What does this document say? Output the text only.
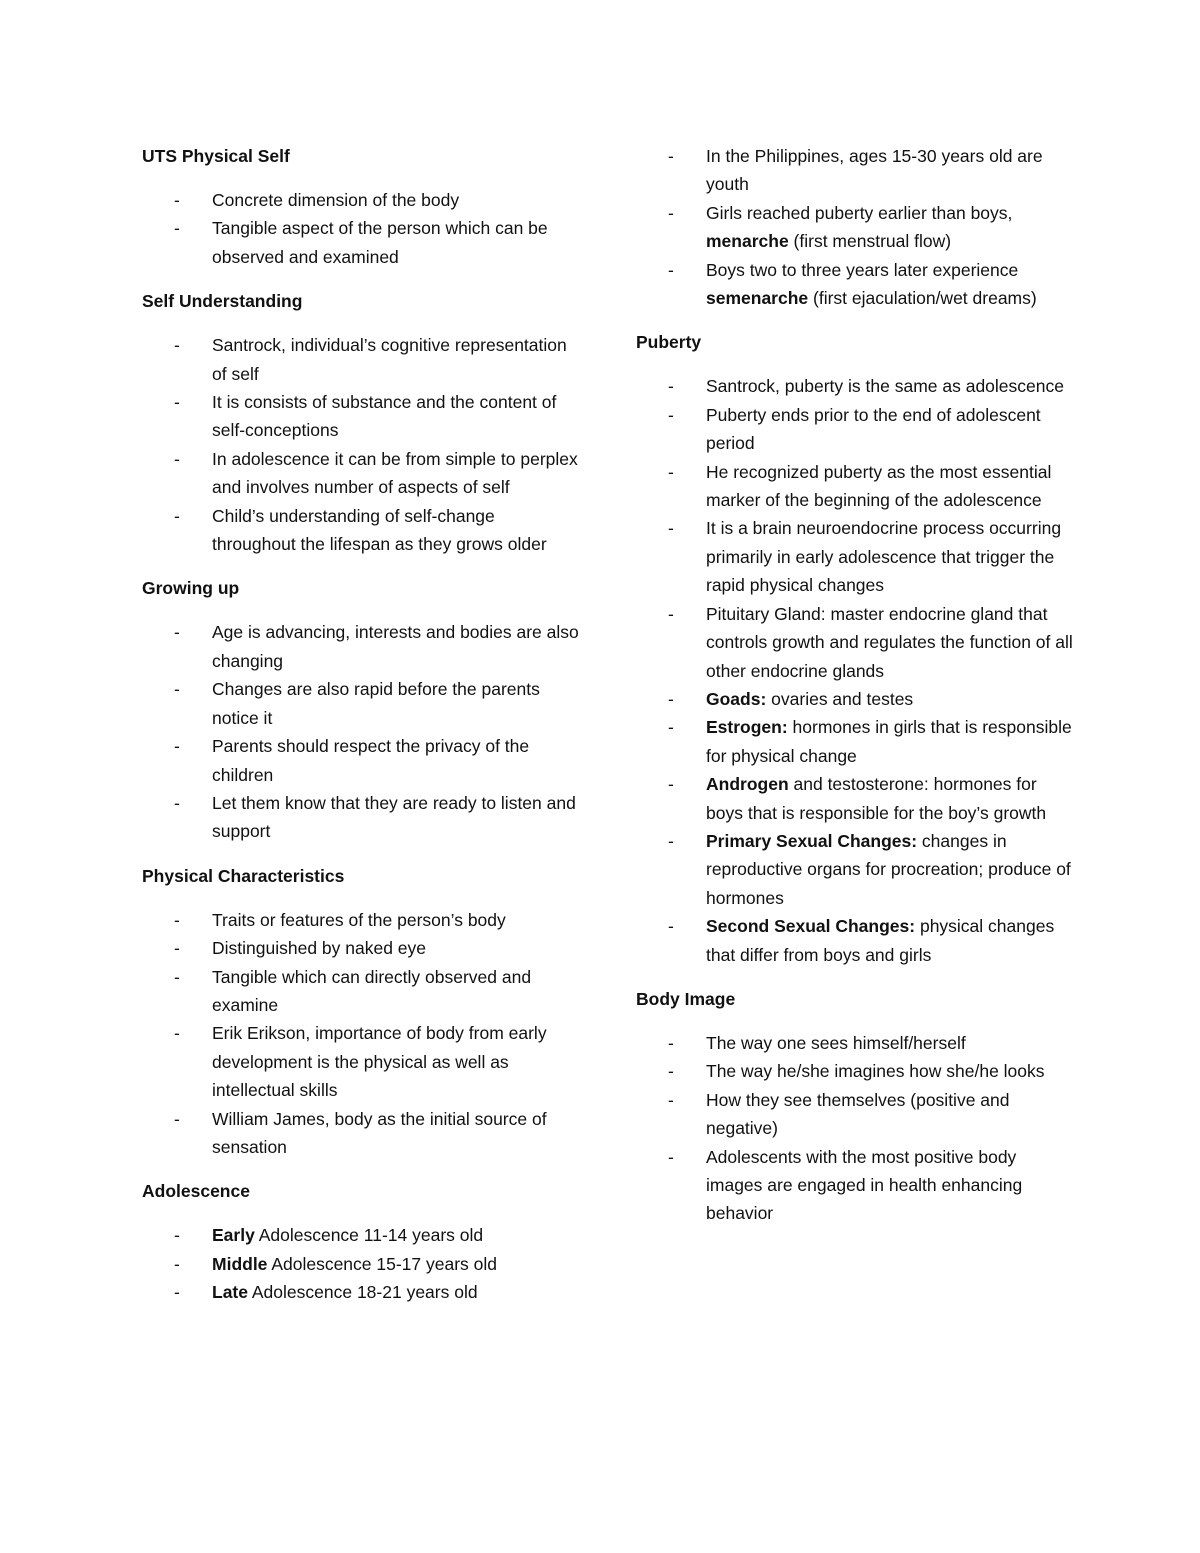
UTS Physical Self
- Concrete dimension of the body
- Tangible aspect of the person which can be observed and examined
Self Understanding
- Santrock, individual’s cognitive representation of self
- It is consists of substance and the content of self-conceptions
- In adolescence it can be from simple to perplex and involves number of aspects of self
- Child’s understanding of self-change throughout the lifespan as they grows older
Growing up
- Age is advancing, interests and bodies are also changing
- Changes are also rapid before the parents notice it
- Parents should respect the privacy of the children
- Let them know that they are ready to listen and support
Physical Characteristics
- Traits or features of the person’s body
- Distinguished by naked eye
- Tangible which can directly observed and examine
- Erik Erikson, importance of body from early development is the physical as well as intellectual skills
- William James, body as the initial source of sensation
Adolescence
- Early Adolescence 11-14 years old
- Middle Adolescence 15-17 years old
- Late Adolescence 18-21 years old
- In the Philippines, ages 15-30 years old are youth
- Girls reached puberty earlier than boys, menarche (first menstrual flow)
- Boys two to three years later experience semenarche (first ejaculation/wet dreams)
Puberty
- Santrock, puberty is the same as adolescence
- Puberty ends prior to the end of adolescent period
- He recognized puberty as the most essential marker of the beginning of the adolescence
- It is a brain neuroendocrine process occurring primarily in early adolescence that trigger the rapid physical changes
- Pituitary Gland: master endocrine gland that controls growth and regulates the function of all other endocrine glands
- Goads: ovaries and testes
- Estrogen: hormones in girls that is responsible for physical change
- Androgen and testosterone: hormones for boys that is responsible for the boy’s growth
- Primary Sexual Changes: changes in reproductive organs for procreation; produce of hormones
- Second Sexual Changes: physical changes that differ from boys and girls
Body Image
- The way one sees himself/herself
- The way he/she imagines how she/he looks
- How they see themselves (positive and negative)
- Adolescents with the most positive body images are engaged in health enhancing behavior
